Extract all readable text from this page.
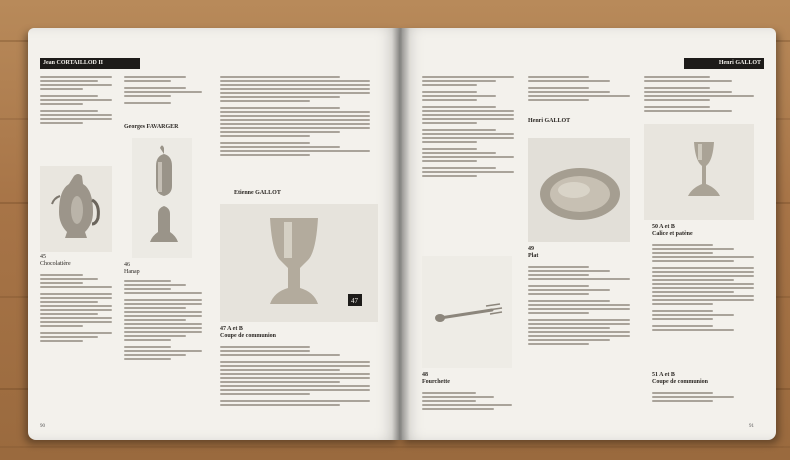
Jean CORTAILLOD II
45
Chocolatière
90
Georges FAVARGER
46
Hanap
Etienne GALLOT
47
47 A et B
Coupe de communion
Henri GALLOT
48
Fourchette
Henri GALLOT
49
Plat
50 A et B
Calice et patène
51 A et B
Coupe de communion
91
